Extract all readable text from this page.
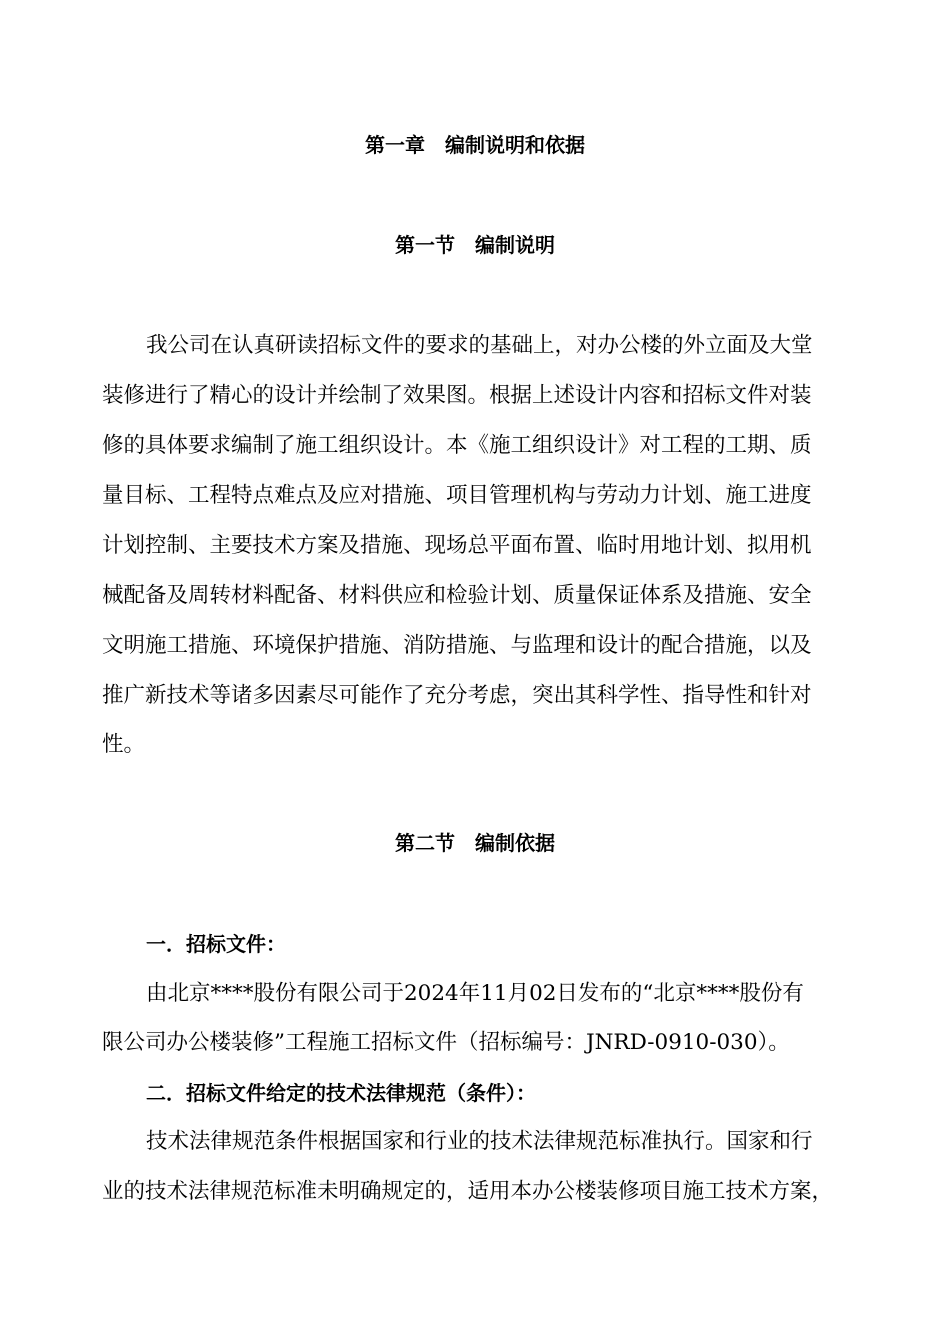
第一章　编制说明和依据
第一节　编制说明
我公司在认真研读招标文件的要求的基础上，对办公楼的外立面及大堂
装修进行了精心的设计并绘制了效果图。根据上述设计内容和招标文件对装
修的具体要求编制了施工组织设计。本《施工组织设计》对工程的工期、质
量目标、工程特点难点及应对措施、项目管理机构与劳动力计划、施工进度
计划控制、主要技术方案及措施、现场总平面布置、临时用地计划、拟用机
械配备及周转材料配备、材料供应和检验计划、质量保证体系及措施、安全
文明施工措施、环境保护措施、消防措施、与监理和设计的配合措施，以及
推广新技术等诸多因素尽可能作了充分考虑，突出其科学性、指导性和针对
性。
第二节　编制依据
一．招标文件：
由北京****股份有限公司于2024年11月02日发布的“北京****股份有
限公司办公楼装修”工程施工招标文件（招标编号：JNRD-0910-030）。
二．招标文件给定的技术法律规范（条件）：
技术法律规范条件根据国家和行业的技术法律规范标准执行。国家和行
业的技术法律规范标准未明确规定的，适用本办公楼装修项目施工技术方案，
